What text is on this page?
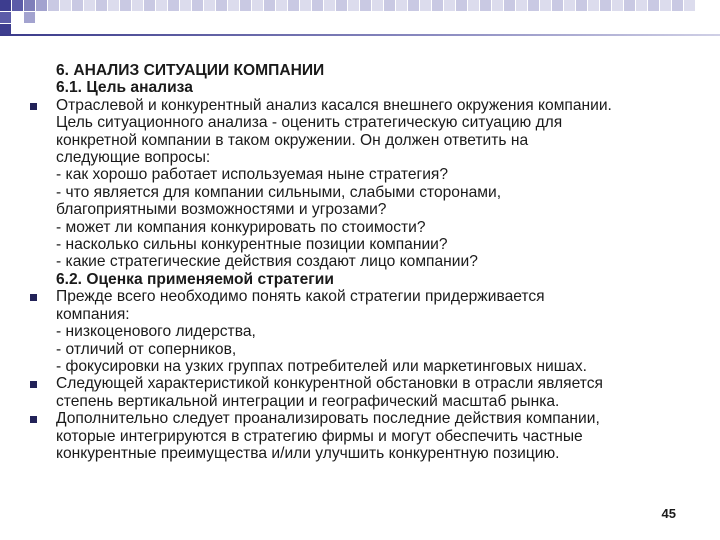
6. АНАЛИЗ СИТУАЦИИ КОМПАНИИ
6.1. Цель анализа
Отраслевой и конкурентный анализ касался внешнего окружения компании.
Цель ситуационного анализа - оценить стратегическую ситуацию для
конкретной компании в таком окружении. Он должен ответить на
следующие вопросы:
- как хорошо работает используемая ныне стратегия?
- что является для компании сильными, слабыми сторонами,
благоприятными возможностями и угрозами?
- может ли компания конкурировать по стоимости?
- насколько сильны конкурентные позиции компании?
- какие стратегические действия создают лицо компании?
6.2. Оценка применяемой стратегии
Прежде всего необходимо понять какой стратегии придерживается
компания:
- низкоценового лидерства,
- отличий от соперников,
- фокусировки на узких группах потребителей или маркетинговых нишах.
Следующей характеристикой конкурентной обстановки в отрасли является
степень вертикальной интеграции и географический масштаб рынка.
Дополнительно следует проанализировать последние действия компании,
которые интегрируются в стратегию фирмы и могут обеспечить частные
конкурентные преимущества и/или улучшить конкурентную позицию.
45
